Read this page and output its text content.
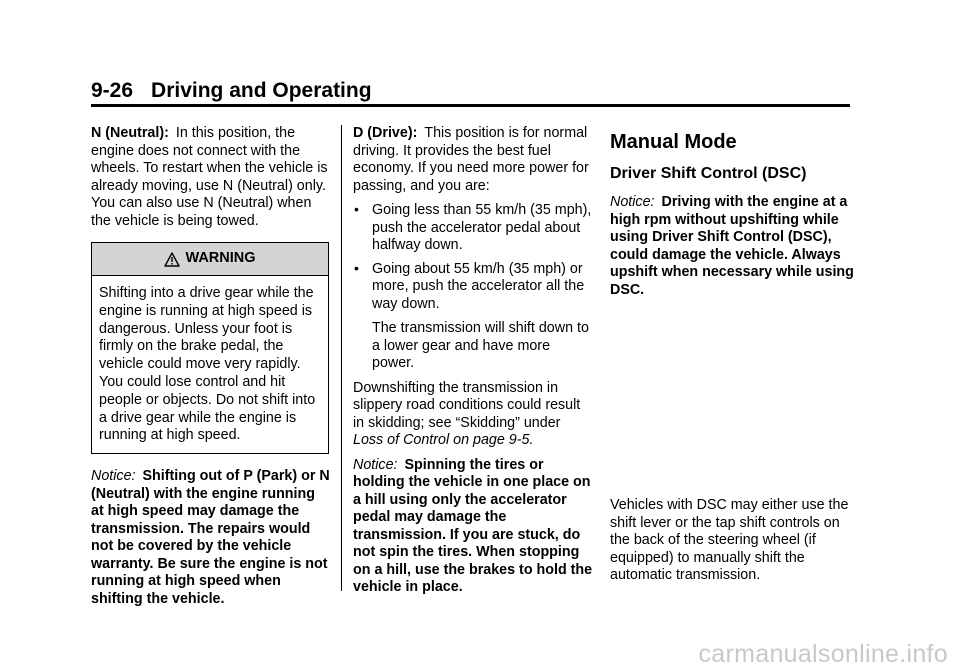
9-26 Driving and Operating

N (Neutral): In this position, the engine does not connect with the wheels. To restart when the vehicle is already moving, use N (Neutral) only. You can also use N (Neutral) when the vehicle is being towed.

WARNING
Shifting into a drive gear while the engine is running at high speed is dangerous. Unless your foot is firmly on the brake pedal, the vehicle could move very rapidly. You could lose control and hit people or objects. Do not shift into a drive gear while the engine is running at high speed.

Notice: Shifting out of P (Park) or N (Neutral) with the engine running at high speed may damage the transmission. The repairs would not be covered by the vehicle warranty. Be sure the engine is not running at high speed when shifting the vehicle.

D (Drive): This position is for normal driving. It provides the best fuel economy. If you need more power for passing, and you are:

• Going less than 55 km/h (35 mph), push the accelerator pedal about halfway down.
• Going about 55 km/h (35 mph) or more, push the accelerator all the way down.

The transmission will shift down to a lower gear and have more power.

Downshifting the transmission in slippery road conditions could result in skidding; see “Skidding” under
Loss of Control on page 9-5.

Notice: Spinning the tires or holding the vehicle in one place on a hill using only the accelerator pedal may damage the transmission. If you are stuck, do not spin the tires. When stopping on a hill, use the brakes to hold the vehicle in place.

Manual Mode
Driver Shift Control (DSC)

Notice: Driving with the engine at a high rpm without upshifting while using Driver Shift Control (DSC), could damage the vehicle. Always upshift when necessary while using DSC.

Vehicles with DSC may either use the shift lever or the tap shift controls on the back of the steering wheel (if equipped) to manually shift the automatic transmission.
carmanualsonline.info
